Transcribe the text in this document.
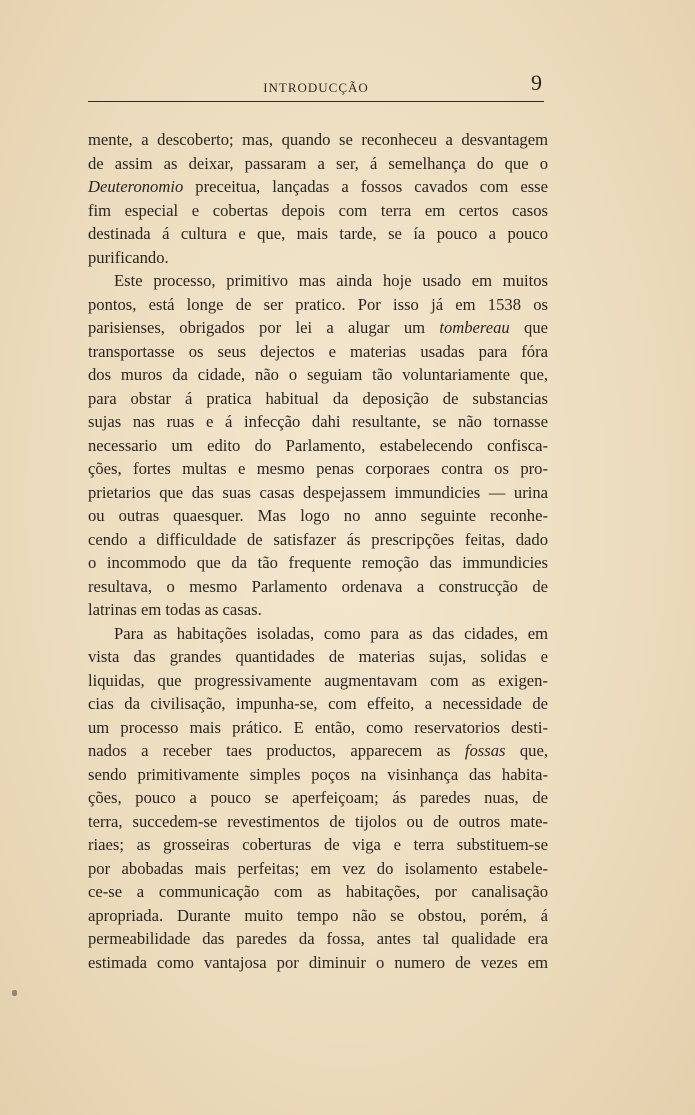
INTRODUCÇÃO	9
mente, a descoberto; mas, quando se reconheceu a desvantagem
de assim as deixar, passaram a ser, á semelhança do que o
Deuteronomio preceitua, lançadas a fossos cavados com esse
fim especial e cobertas depois com terra em certos casos
destinada á cultura e que, mais tarde, se ía pouco a pouco
purificando.
Este processo, primitivo mas ainda hoje usado em muitos
pontos, está longe de ser pratico. Por isso já em 1538 os
parisienses, obrigados por lei a alugar um tombereau que
transportasse os seus dejectos e materias usadas para fóra
dos muros da cidade, não o seguiam tão voluntariamente que,
para obstar á pratica habitual da deposição de substancias
sujas nas ruas e á infecção dahi resultante, se não tornasse
necessario um edito do Parlamento, estabelecendo confisca-
ções, fortes multas e mesmo penas corporaes contra os pro-
prietarios que das suas casas despejassem immundicies — urina
ou outras quaesquer. Mas logo no anno seguinte reconhe-
cendo a difficuldade de satisfazer ás prescripções feitas, dado
o incommodo que da tão frequente remoção das immundicies
resultava, o mesmo Parlamento ordenava a construcção de
latrinas em todas as casas.
Para as habitações isoladas, como para as das cidades, em
vista das grandes quantidades de materias sujas, solidas e
liquidas, que progressivamente augmentavam com as exigen-
cias da civilisação, impunha-se, com effeito, a necessidade de
um processo mais prático. E então, como reservatorios desti-
nados a receber taes productos, apparecem as fossas que,
sendo primitivamente simples poços na visinhança das habita-
ções, pouco a pouco se aperfeiçoam; ás paredes nuas, de
terra, succedem-se revestimentos de tijolos ou de outros mate-
riaes; as grosseiras coberturas de viga e terra substituem-se
por abobadas mais perfeitas; em vez do isolamento estabele-
ce-se a communicação com as habitações, por canalisação
apropriada. Durante muito tempo não se obstou, porém, á
permeabilidade das paredes da fossa, antes tal qualidade era
estimada como vantajosa por diminuir o numero de vezes em
